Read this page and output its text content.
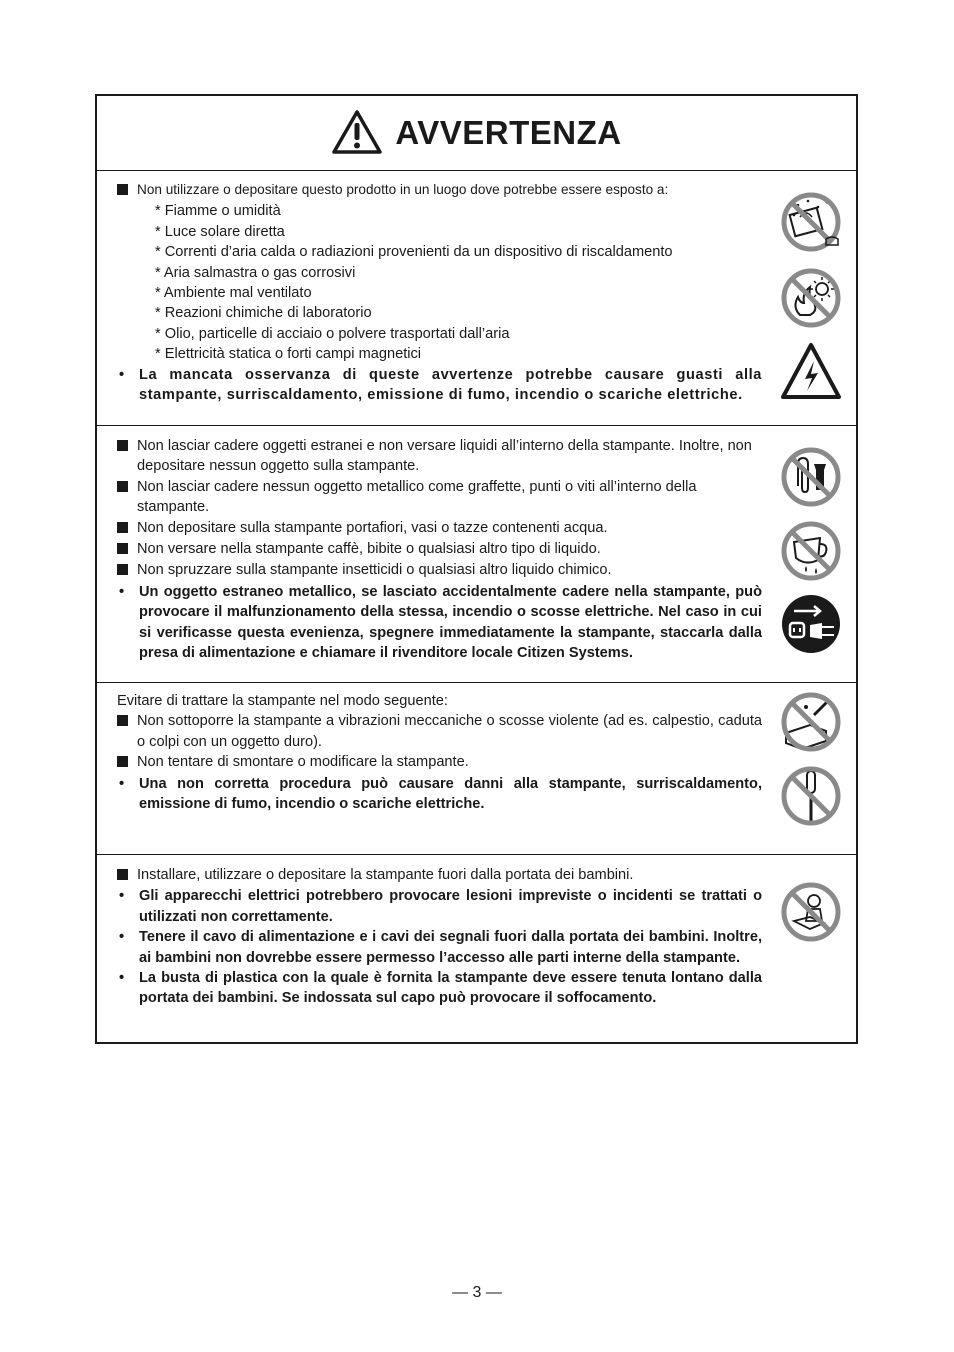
AVVERTENZA
Non utilizzare o depositare questo prodotto in un luogo dove potrebbe essere esposto a:
* Fiamme o umidità
* Luce solare diretta
* Correnti d’aria calda o radiazioni provenienti da un dispositivo di riscaldamento
* Aria salmastra o gas corrosivi
* Ambiente mal ventilato
* Reazioni chimiche di laboratorio
* Olio, particelle di acciaio o polvere trasportati dall’aria
* Elettricità statica o forti campi magnetici
•	La mancata osservanza di queste avvertenze potrebbe causare guasti alla stampante, surriscaldamento, emissione di fumo, incendio o scariche elettriche.
Non lasciar cadere oggetti estranei e non versare liquidi all’interno della stampante. Inoltre, non depositare nessun oggetto sulla stampante.
Non lasciar cadere nessun oggetto metallico come graffette, punti o viti all’interno della stampante.
Non depositare sulla stampante portafiori, vasi o tazze contenenti acqua.
Non versare nella stampante caffè, bibite o qualsiasi altro tipo di liquido.
Non spruzzare sulla stampante insetticidi o qualsiasi altro liquido chimico.
•	Un oggetto estraneo metallico, se lasciato accidentalmente cadere nella stampante, può provocare il malfunzionamento della stessa, incendio o scosse elettriche. Nel caso in cui si verificasse questa evenienza, spegnere immediatamente la stampante, staccarla dalla presa di alimentazione e chiamare il rivenditore locale Citizen Systems.
Evitare di trattare la stampante nel modo seguente:
Non sottoporre la stampante a vibrazioni meccaniche o scosse violente (ad es. calpestio, caduta o colpi con un oggetto duro).
Non tentare di smontare o modificare la stampante.
•	Una non corretta procedura può causare danni alla stampante, surriscaldamento, emissione di fumo, incendio o scariche elettriche.
Installare, utilizzare o depositare la stampante fuori dalla portata dei bambini.
•	Gli apparecchi elettrici potrebbero provocare lesioni impreviste o incidenti se trattati o utilizzati non correttamente.
•	Tenere il cavo di alimentazione e i cavi dei segnali fuori dalla portata dei bambini. Inoltre, ai bambini non dovrebbe essere permesso l’accesso alle parti interne della stampante.
•	La busta di plastica con la quale è fornita la stampante deve essere tenuta lontano dalla portata dei bambini. Se indossata sul capo può provocare il soffocamento.
— 3 —
